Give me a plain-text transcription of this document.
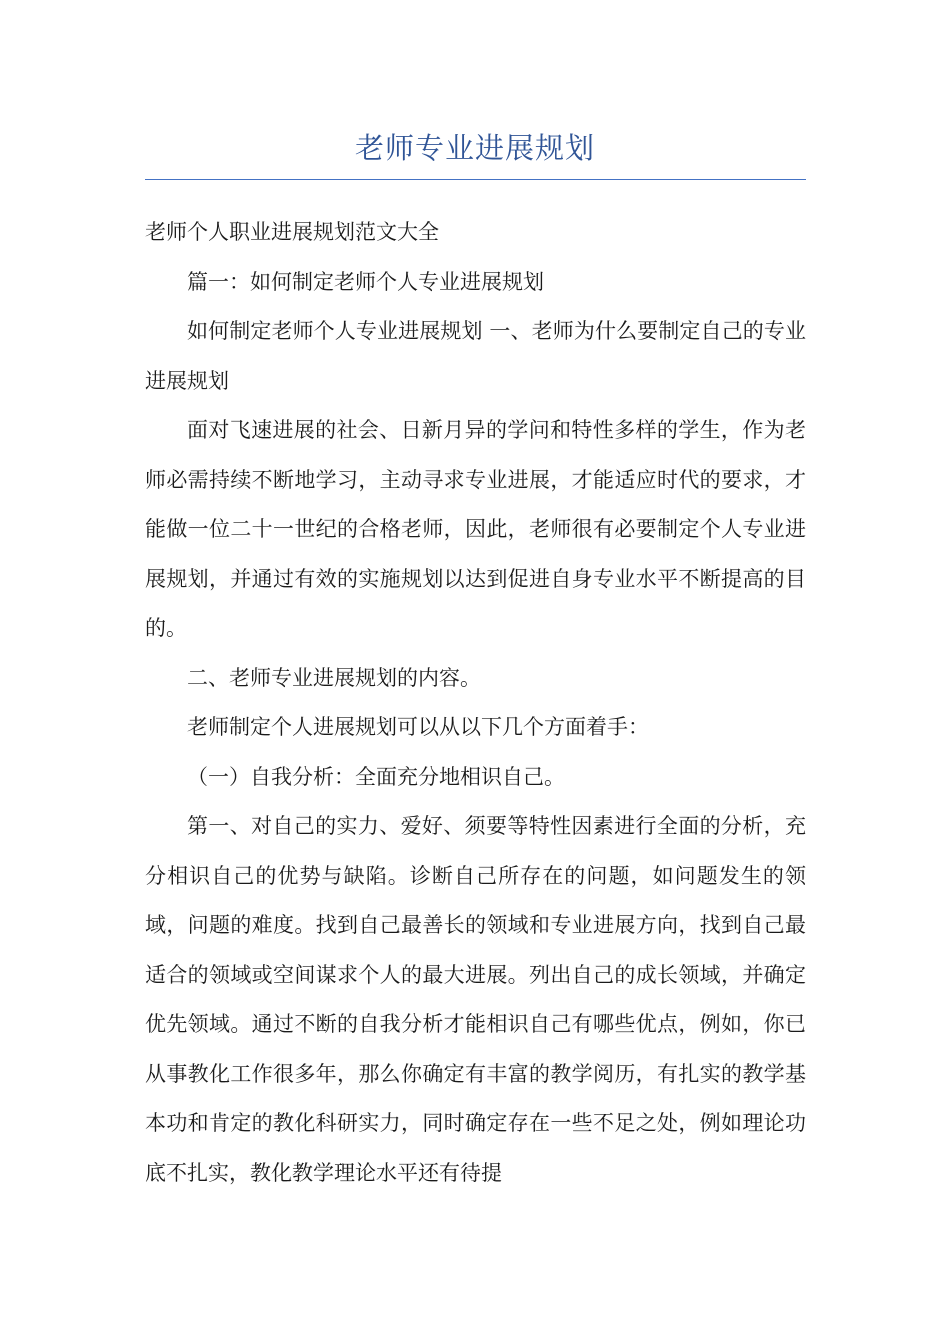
老师专业进展规划

老师个人职业进展规划范文大全

篇一：如何制定老师个人专业进展规划

如何制定老师个人专业进展规划 一、老师为什么要制定自己的专业进展规划

面对飞速进展的社会、日新月异的学问和特性多样的学生，作为老师必需持续不断地学习，主动寻求专业进展，才能适应时代的要求，才能做一位二十一世纪的合格老师，因此，老师很有必要制定个人专业进展规划，并通过有效的实施规划以达到促进自身专业水平不断提高的目的。

二、老师专业进展规划的内容。

老师制定个人进展规划可以从以下几个方面着手：

（一）自我分析：全面充分地相识自己。

第一、对自己的实力、爱好、须要等特性因素进行全面的分析，充分相识自己的优势与缺陷。诊断自己所存在的问题，如问题发生的领域，问题的难度。找到自己最善长的领域和专业进展方向，找到自己最适合的领域或空间谋求个人的最大进展。列出自己的成长领域，并确定优先领域。通过不断的自我分析才能相识自己有哪些优点，例如，你已从事教化工作很多年，那么你确定有丰富的教学阅历，有扎实的教学基本功和肯定的教化科研实力，同时确定存在一些不足之处，例如理论功底不扎实，教化教学理论水平还有待提
